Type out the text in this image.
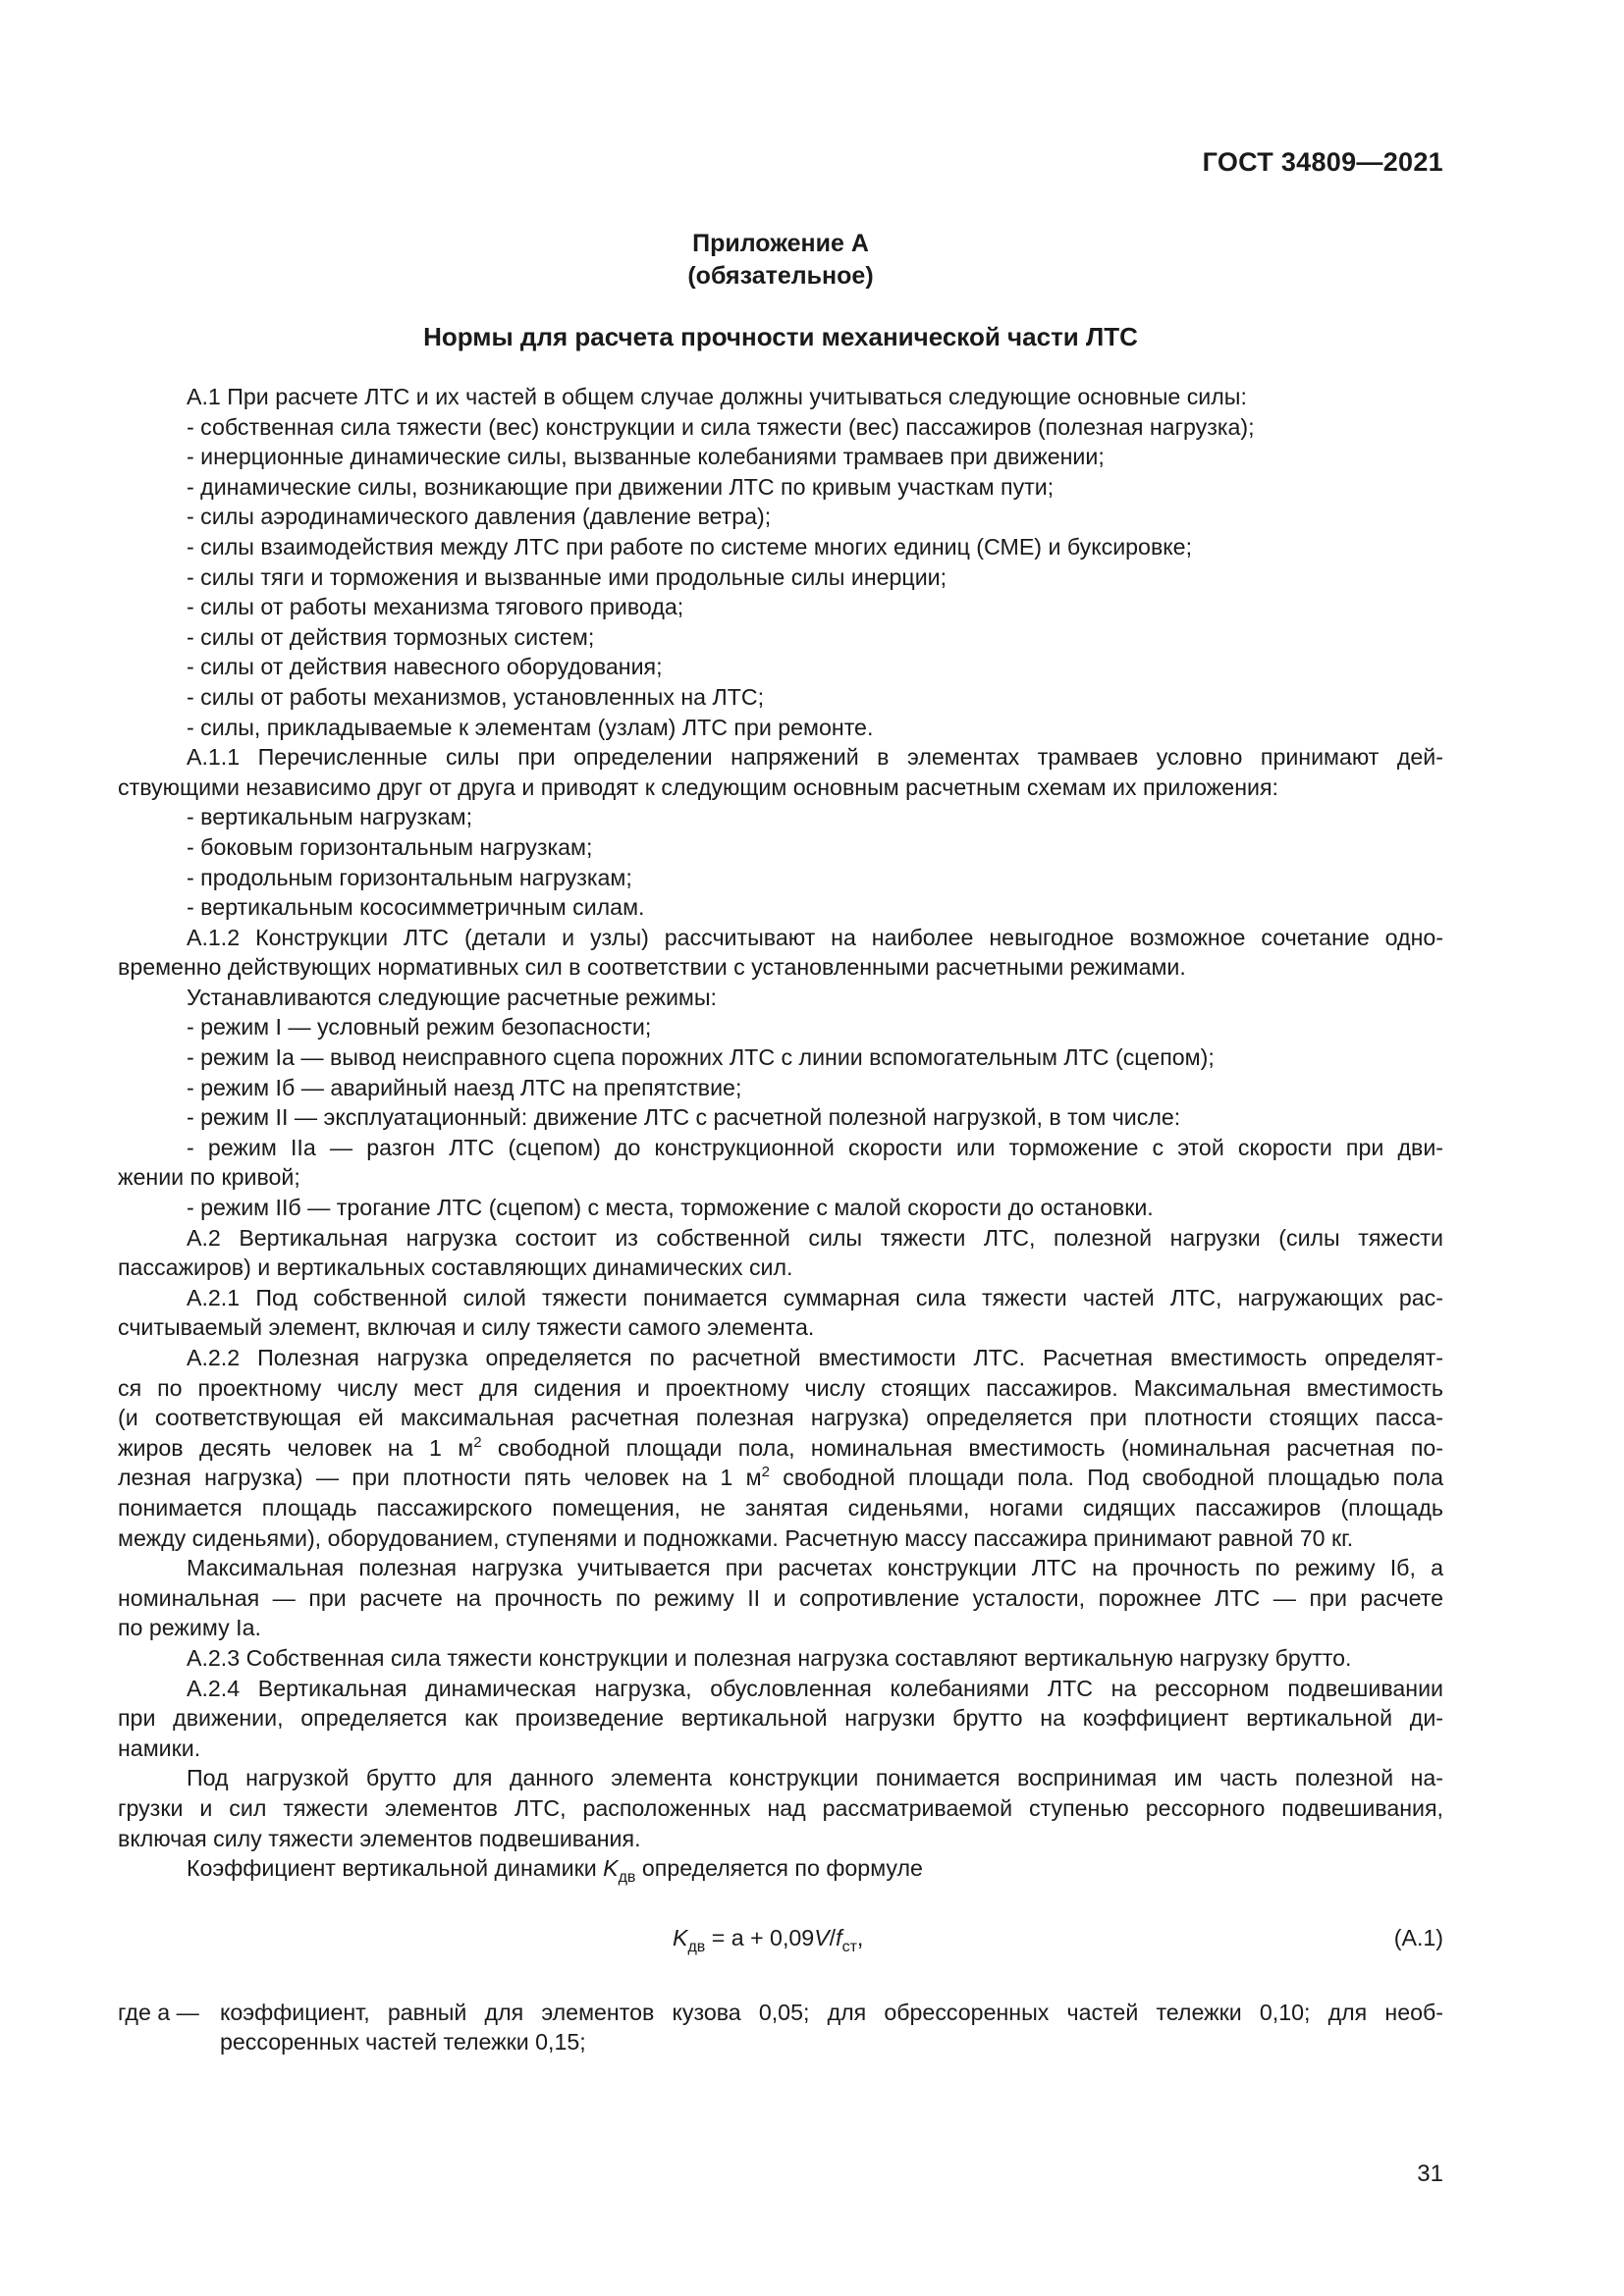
ГОСТ 34809—2021
Приложение А
(обязательное)
Нормы для расчета прочности механической части ЛТС

А.1 При расчете ЛТС и их частей в общем случае должны учитываться следующие основные силы:

- собственная сила тяжести (вес) конструкции и сила тяжести (вес) пассажиров (полезная нагрузка);

- инерционные динамические силы, вызванные колебаниями трамваев при движении;

- динамические силы, возникающие при движении ЛТС по кривым участкам пути;

- силы аэродинамического давления (давление ветра);

- силы взаимодействия между ЛТС при работе по системе многих единиц (СМЕ) и буксировке;

- силы тяги и торможения и вызванные ими продольные силы инерции;

- силы от работы механизма тягового привода;

- силы от действия тормозных систем;

- силы от действия навесного оборудования;

- силы от работы механизмов, установленных на ЛТС;

- силы, прикладываемые к элементам (узлам) ЛТС при ремонте.

А.1.1 Перечисленные силы при определении напряжений в элементах трамваев условно принимают дей-
ствующими независимо друг от друга и приводят к следующим основным расчетным схемам их приложения:

- вертикальным нагрузкам;

- боковым горизонтальным нагрузкам;

- продольным горизонтальным нагрузкам;

- вертикальным кососимметричным силам.

А.1.2 Конструкции ЛТС (детали и узлы) рассчитывают на наиболее невыгодное возможное сочетание одно-
временно действующих нормативных сил в соответствии с установленными расчетными режимами.

Устанавливаются следующие расчетные режимы:

- режим I — условный режим безопасности;

- режим Iа — вывод неисправного сцепа порожних ЛТС с линии вспомогательным ЛТС (сцепом);

- режим Iб — аварийный наезд ЛТС на препятствие;

- режим II — эксплуатационный: движение ЛТС с расчетной полезной нагрузкой, в том числе:

- режим IIа — разгон ЛТС (сцепом) до конструкционной скорости или торможение с этой скорости при дви-
жении по кривой;

- режим IIб — трогание ЛТС (сцепом) с места, торможение с малой скорости до остановки.

А.2 Вертикальная нагрузка состоит из собственной силы тяжести ЛТС, полезной нагрузки (силы тяжести
пассажиров) и вертикальных составляющих динамических сил.

А.2.1 Под собственной силой тяжести понимается суммарная сила тяжести частей ЛТС, нагружающих рас-
считываемый элемент, включая и силу тяжести самого элемента.

А.2.2 Полезная нагрузка определяется по расчетной вместимости ЛТС. Расчетная вместимость определят-
ся по проектному числу мест для сидения и проектному числу стоящих пассажиров. Максимальная вместимость
(и соответствующая ей максимальная расчетная полезная нагрузка) определяется при плотности стоящих пасса-
жиров десять человек на 1 $м^2$ свободной площади пола, номинальная вместимость (номинальная расчетная по-
лезная нагрузка) — при плотности пять человек на 1 $м^2$ свободной площади пола. Под свободной площадью пола
понимается площадь пассажирского помещения, не занятая сиденьями, ногами сидящих пассажиров (площадь
между сиденьями), оборудованием, ступенями и подножками. Расчетную массу пассажира принимают равной 70 кг.

Максимальная полезная нагрузка учитывается при расчетах конструкции ЛТС на прочность по режиму Iб, а
номинальная — при расчете на прочность по режиму II и сопротивление усталости, порожнее ЛТС — при расчете
по режиму Iа.

А.2.3 Собственная сила тяжести конструкции и полезная нагрузка составляют вертикальную нагрузку брутто.

А.2.4 Вертикальная динамическая нагрузка, обусловленная колебаниями ЛТС на рессорном подвешивании
при движении, определяется как произведение вертикальной нагрузки брутто на коэффициент вертикальной ди-
намики.

Под нагрузкой брутто для данного элемента конструкции понимается воспринимая им часть полезной на-
грузки и сил тяжести элементов ЛТС, расположенных над рассматриваемой ступенью рессорного подвешивания,
включая силу тяжести элементов подвешивания.

Коэффициент вертикальной динамики $K_{дв}$ определяется по формуле

$K_{дв} = a + 0,09V/f_{ст}$,	(А.1)
где a — коэффициент, равный для элементов кузова 0,05; для обрессоренных частей тележки 0,10; для необ-
рессоренных частей тележки 0,15;

31
